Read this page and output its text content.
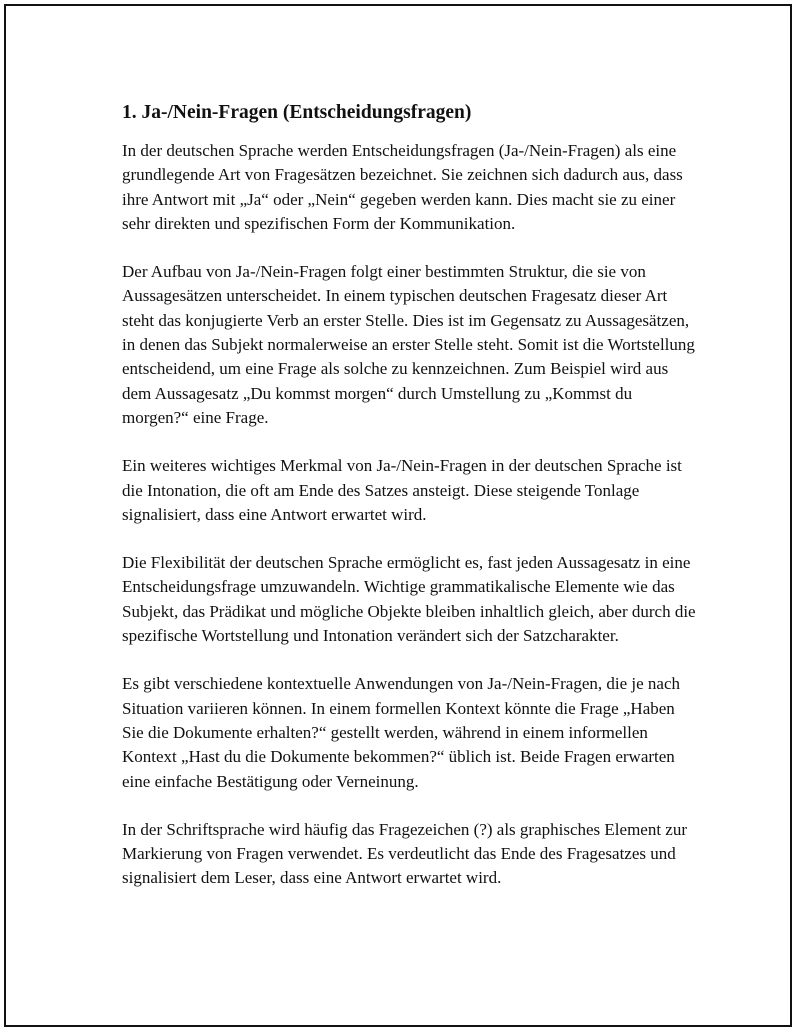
1. Ja-/Nein-Fragen (Entscheidungsfragen)

In der deutschen Sprache werden Entscheidungsfragen (Ja-/Nein-Fragen) als eine grundlegende Art von Fragesätzen bezeichnet. Sie zeichnen sich dadurch aus, dass ihre Antwort mit „Ja“ oder „Nein“ gegeben werden kann. Dies macht sie zu einer sehr direkten und spezifischen Form der Kommunikation.

Der Aufbau von Ja-/Nein-Fragen folgt einer bestimmten Struktur, die sie von Aussagesätzen unterscheidet. In einem typischen deutschen Fragesatz dieser Art steht das konjugierte Verb an erster Stelle. Dies ist im Gegensatz zu Aussagesätzen, in denen das Subjekt normalerweise an erster Stelle steht. Somit ist die Wortstellung entscheidend, um eine Frage als solche zu kennzeichnen. Zum Beispiel wird aus dem Aussagesatz „Du kommst morgen“ durch Umstellung zu „Kommst du morgen?“ eine Frage.

Ein weiteres wichtiges Merkmal von Ja-/Nein-Fragen in der deutschen Sprache ist die Intonation, die oft am Ende des Satzes ansteigt. Diese steigende Tonlage signalisiert, dass eine Antwort erwartet wird.

Die Flexibilität der deutschen Sprache ermöglicht es, fast jeden Aussagesatz in eine Entscheidungsfrage umzuwandeln. Wichtige grammatikalische Elemente wie das Subjekt, das Prädikat und mögliche Objekte bleiben inhaltlich gleich, aber durch die spezifische Wortstellung und Intonation verändert sich der Satzcharakter.

Es gibt verschiedene kontextuelle Anwendungen von Ja-/Nein-Fragen, die je nach Situation variieren können. In einem formellen Kontext könnte die Frage „Haben Sie die Dokumente erhalten?“ gestellt werden, während in einem informellen Kontext „Hast du die Dokumente bekommen?“ üblich ist. Beide Fragen erwarten eine einfache Bestätigung oder Verneinung.

In der Schriftsprache wird häufig das Fragezeichen (?) als graphisches Element zur Markierung von Fragen verwendet. Es verdeutlicht das Ende des Fragesatzes und signalisiert dem Leser, dass eine Antwort erwartet wird.
